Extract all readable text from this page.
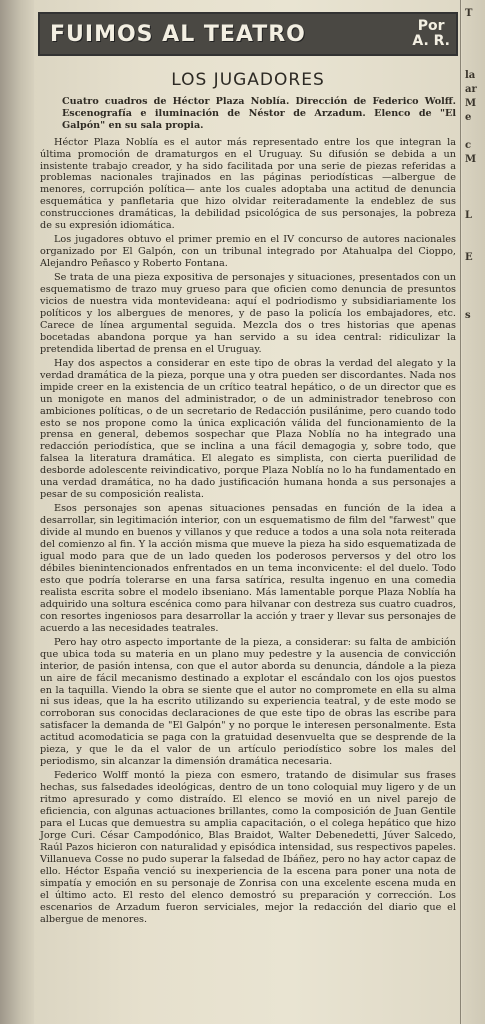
T
la
ar
M
e
c
M
L
E
s
FUIMOS AL TEATRO	Por
A. R.
LOS JUGADORES
Cuatro cuadros de Héctor Plaza Noblía. Dirección de Federico Wolff. Escenografía e iluminación de Néstor de Arzadum. Elenco de "El Galpón" en su sala propia.

Héctor Plaza Noblía es el autor más representado entre los que integran la última promoción de dramaturgos en el Uruguay. Su difusión se debida a un insistente trabajo creador, y ha sido facilitada por una serie de piezas referidas a problemas nacionales trajinados en las páginas periodísticas —albergue de menores, corrupción política— ante los cuales adoptaba una actitud de denuncia esquemática y panfletaria que hizo olvidar reiteradamente la endeblez de sus construcciones dramáticas, la debilidad psicológica de sus personajes, la pobreza de su expresión idiomática.

Los jugadores obtuvo el primer premio en el IV concurso de autores nacionales organizado por El Galpón, con un tribunal integrado por Atahualpa del Cioppo, Alejandro Peñasco y Roberto Fontana.

Se trata de una pieza expositiva de personajes y situaciones, presentados con un esquematismo de trazo muy grueso para que oficien como denuncia de presuntos vicios de nuestra vida montevideana: aquí el podriodismo y subsidiariamente los políticos y los albergues de menores, y de paso la policía los embajadores, etc. Carece de línea argumental seguida. Mezcla dos o tres historias que apenas bocetadas abandona porque ya han servido a su idea central: ridiculizar la pretendida libertad de prensa en el Uruguay.

Hay dos aspectos a considerar en este tipo de obras la verdad del alegato y la verdad dramática de la pieza, porque una y otra pueden ser discordantes. Nada nos impide creer en la existencia de un crítico teatral hepático, o de un director que es un monigote en manos del administrador, o de un administrador tenebroso con ambiciones políticas, o de un secretario de Redacción pusilánime, pero cuando todo esto se nos propone como la única explicación válida del funcionamiento de la prensa en general, debemos sospechar que Plaza Noblía no ha integrado una redacción periodística, que se inclina a una fácil demagogia y, sobre todo, que falsea la literatura dramática. El alegato es simplista, con cierta puerilidad de desborde adolescente reivindicativo, porque Plaza Noblía no lo ha fundamentado en una verdad dramática, no ha dado justificación humana honda a sus personajes a pesar de su composición realista.

Esos personajes son apenas situaciones pensadas en función de la idea a desarrollar, sin legitimación interior, con un esquematismo de film del "farwest" que divide al mundo en buenos y villanos y que reduce a todos a una sola nota reiterada del comienzo al fin. Y la acción misma que mueve la pieza ha sido esquematizada de igual modo para que de un lado queden los poderosos perversos y del otro los débiles bienintencionados enfrentados en un tema inconvicente: el del duelo. Todo esto que podría tolerarse en una farsa satírica, resulta ingenuo en una comedia realista escrita sobre el modelo ibseniano. Más lamentable porque Plaza Noblía ha adquirido una soltura escénica como para hilvanar con destreza sus cuatro cuadros, con resortes ingeniosos para desarrollar la acción y traer y llevar sus personajes de acuerdo a las necesidades teatrales.

Pero hay otro aspecto importante de la pieza, a considerar: su falta de ambición que ubica toda su materia en un plano muy pedestre y la ausencia de convicción interior, de pasión intensa, con que el autor aborda su denuncia, dándole a la pieza un aire de fácil mecanismo destinado a explotar el escándalo con los ojos puestos en la taquilla. Viendo la obra se siente que el autor no compromete en ella su alma ni sus ideas, que la ha escrito utilizando su experiencia teatral, y de este modo se corroboran sus conocidas declaraciones de que este tipo de obras las escribe para satisfacer la demanda de "El Galpón" y no porque le interesen personalmente. Esta actitud acomodaticia se paga con la gratuidad desenvuelta que se desprende de la pieza, y que le da el valor de un artículo periodístico sobre los males del periodismo, sin alcanzar la dimensión dramática necesaria.

Federico Wolff montó la pieza con esmero, tratando de disimular sus frases hechas, sus falsedades ideológicas, dentro de un tono coloquial muy ligero y de un ritmo apresurado y como distraído. El elenco se movió en un nivel parejo de eficiencia, con algunas actuaciones brillantes, como la composición de Juan Gentile para el Lucas que demuestra su amplia capacitación, o el colega hepático que hizo Jorge Curi. César Campodónico, Blas Braidot, Walter Debenedetti, Júver Salcedo, Raúl Pazos hicieron con naturalidad y episódica intensidad, sus respectivos papeles. Villanueva Cosse no pudo superar la falsedad de Ibáñez, pero no hay actor capaz de ello. Héctor España venció su inexperiencia de la escena para poner una nota de simpatía y emoción en su personaje de Zonrisa con una excelente escena muda en el último acto. El resto del elenco demostró su preparación y corrección. Los escenarios de Arzadum fueron serviciales, mejor la redacción del diario que el albergue de menores.
